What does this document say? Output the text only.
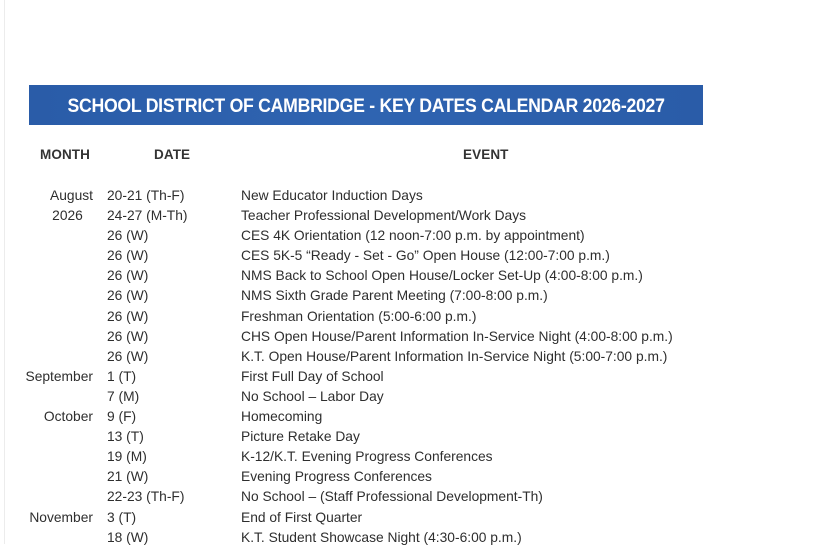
SCHOOL DISTRICT OF CAMBRIDGE - KEY DATES CALENDAR 2026-2027
MONTH	DATE	EVENT
August 20-21 (Th-F)	New Educator Induction Days
2026	24-27 (M-Th)	Teacher Professional Development/Work Days
26 (W)	CES 4K Orientation (12 noon-7:00 p.m. by appointment)
26 (W)	CES 5K-5 “Ready - Set - Go” Open House (12:00-7:00 p.m.)
26 (W)	NMS Back to School Open House/Locker Set-Up (4:00-8:00 p.m.)
26 (W)	NMS Sixth Grade Parent Meeting (7:00-8:00 p.m.)
26 (W)	Freshman Orientation (5:00-6:00 p.m.)
26 (W)	CHS Open House/Parent Information In-Service Night (4:00-8:00 p.m.)
26 (W)	K.T. Open House/Parent Information In-Service Night (5:00-7:00 p.m.)
September 1 (T)	First Full Day of School
7 (M)	No School – Labor Day
October 9 (F)	Homecoming
13 (T)	Picture Retake Day
19 (M)	K-12/K.T. Evening Progress Conferences
21 (W)	Evening Progress Conferences
22-23 (Th-F)	No School – (Staff Professional Development-Th)
November 3 (T)	End of First Quarter
18 (W)	K.T. Student Showcase Night (4:30-6:00 p.m.)
